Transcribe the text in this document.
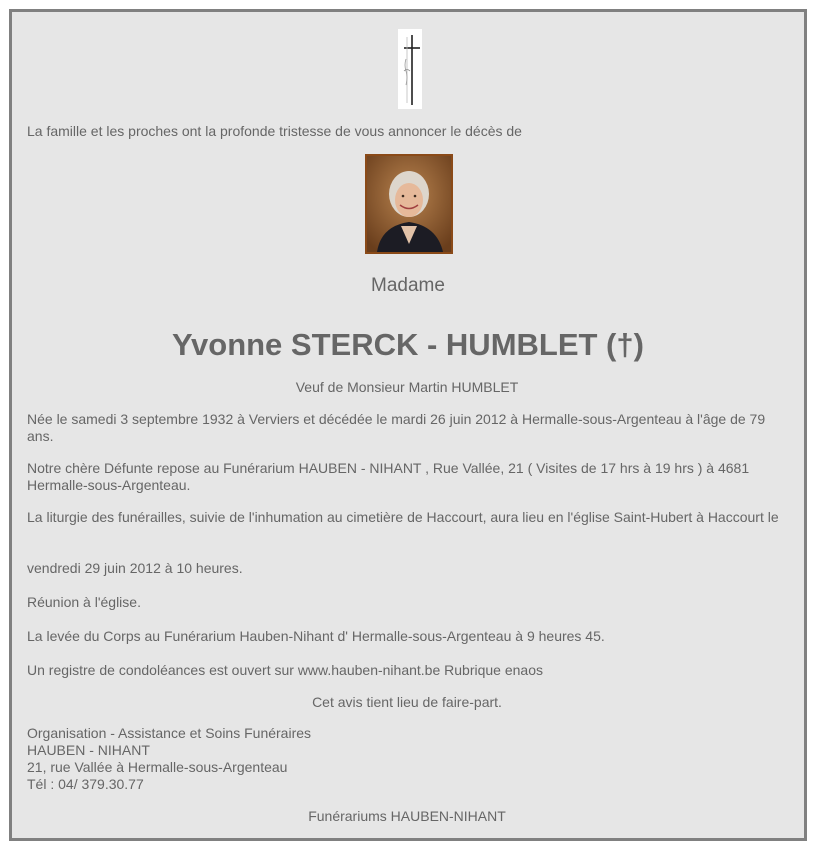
La famille et les proches ont la profonde tristesse de vous annoncer le décès de

Madame
Yvonne STERCK - HUMBLET (†)

Veuf de Monsieur Martin HUMBLET

Née le samedi 3 septembre 1932 à Verviers et décédée le mardi 26 juin 2012 à Hermalle-sous-Argenteau à l'âge de 79 ans.

Notre chère Défunte repose au Funérarium HAUBEN - NIHANT , Rue Vallée, 21 ( Visites de 17 hrs à 19 hrs ) à 4681 Hermalle-sous-Argenteau.

La liturgie des funérailles, suivie de l'inhumation au cimetière de Haccourt, aura lieu en l'église Saint-Hubert à Haccourt le

vendredi 29 juin 2012 à 10 heures.

Réunion à l'église.

La levée du Corps au Funérarium Hauben-Nihant d' Hermalle-sous-Argenteau à 9 heures 45.

Un registre de condoléances est ouvert sur www.hauben-nihant.be Rubrique enaos

Cet avis tient lieu de faire-part.

Organisation - Assistance et Soins Funéraires
HAUBEN - NIHANT
21, rue Vallée à Hermalle-sous-Argenteau
Tél : 04/ 379.30.77

Funérariums HAUBEN-NIHANT
